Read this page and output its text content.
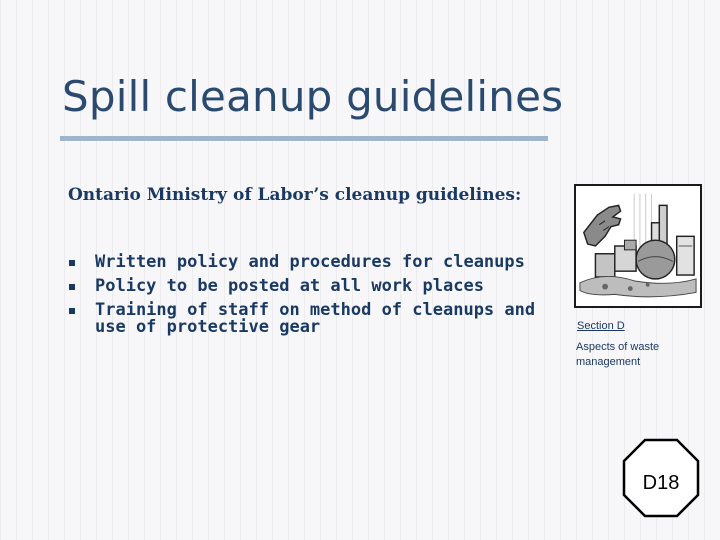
Spill cleanup guidelines
Ontario Ministry of Labor’s cleanup guidelines:
Written policy and procedures for cleanups
Policy to be posted at all work places
Training of staff on method of cleanups and use of protective gear	Section D
Aspects of waste management
D18
